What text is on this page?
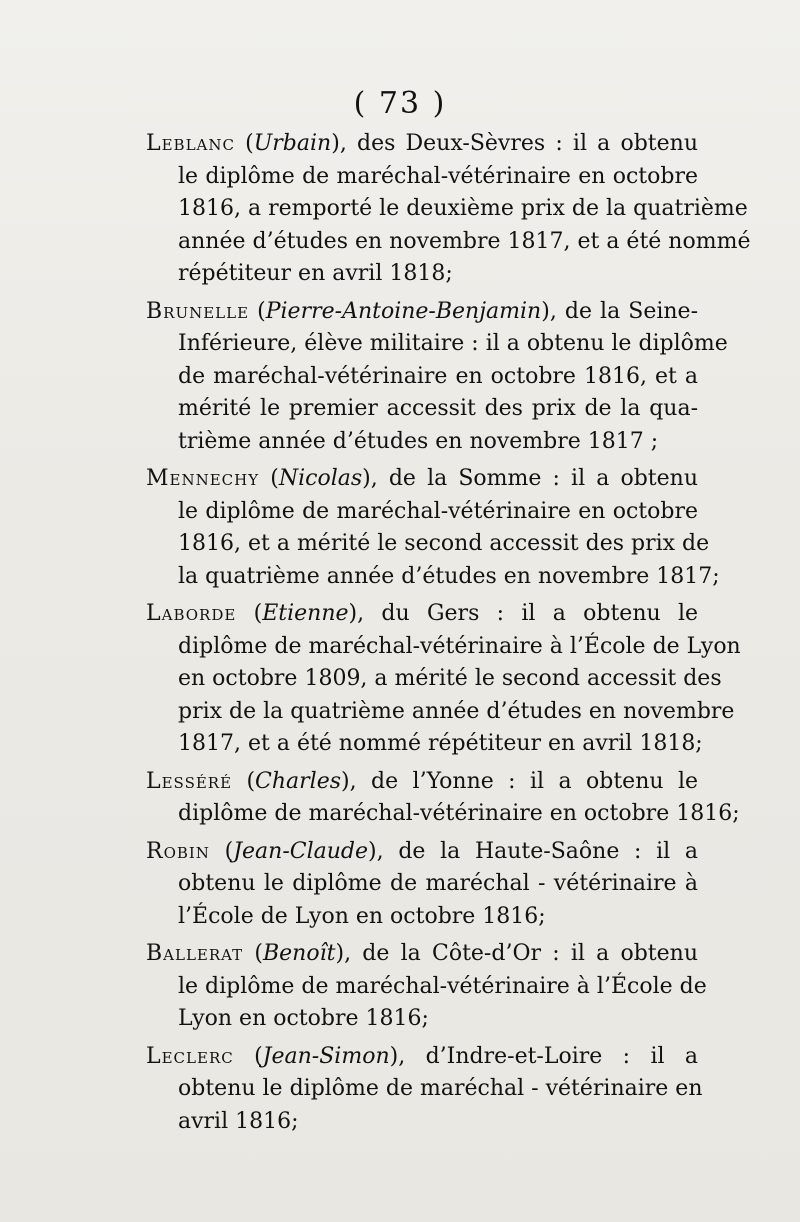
( 73 )
Leblanc (Urbain), des Deux-Sèvres : il a obtenu
le diplôme de maréchal-vétérinaire en octobre
1816, a remporté le deuxième prix de la quatrième
année d’études en novembre 1817, et a été nommé
répétiteur en avril 1818;
Brunelle (Pierre-Antoine-Benjamin), de la Seine-
Inférieure, élève militaire : il a obtenu le diplôme
de maréchal-vétérinaire en octobre 1816, et a
mérité le premier accessit des prix de la qua-
trième année d’études en novembre 1817 ;
Mennechy (Nicolas), de la Somme : il a obtenu
le diplôme de maréchal-vétérinaire en octobre
1816, et a mérité le second accessit des prix de
la quatrième année d’études en novembre 1817;
Laborde (Etienne), du Gers : il a obtenu le
diplôme de maréchal-vétérinaire à l’École de Lyon
en octobre 1809, a mérité le second accessit des
prix de la quatrième année d’études en novembre
1817, et a été nommé répétiteur en avril 1818;
Lesséré (Charles), de l’Yonne : il a obtenu le
diplôme de maréchal-vétérinaire en octobre 1816;
Robin (Jean-Claude), de la Haute-Saône : il a
obtenu le diplôme de maréchal - vétérinaire à
l’École de Lyon en octobre 1816;
Ballerat (Benoît), de la Côte-d’Or : il a obtenu
le diplôme de maréchal-vétérinaire à l’École de
Lyon en octobre 1816;
Leclerc (Jean-Simon), d’Indre-et-Loire : il a
obtenu le diplôme de maréchal - vétérinaire en
avril 1816;
